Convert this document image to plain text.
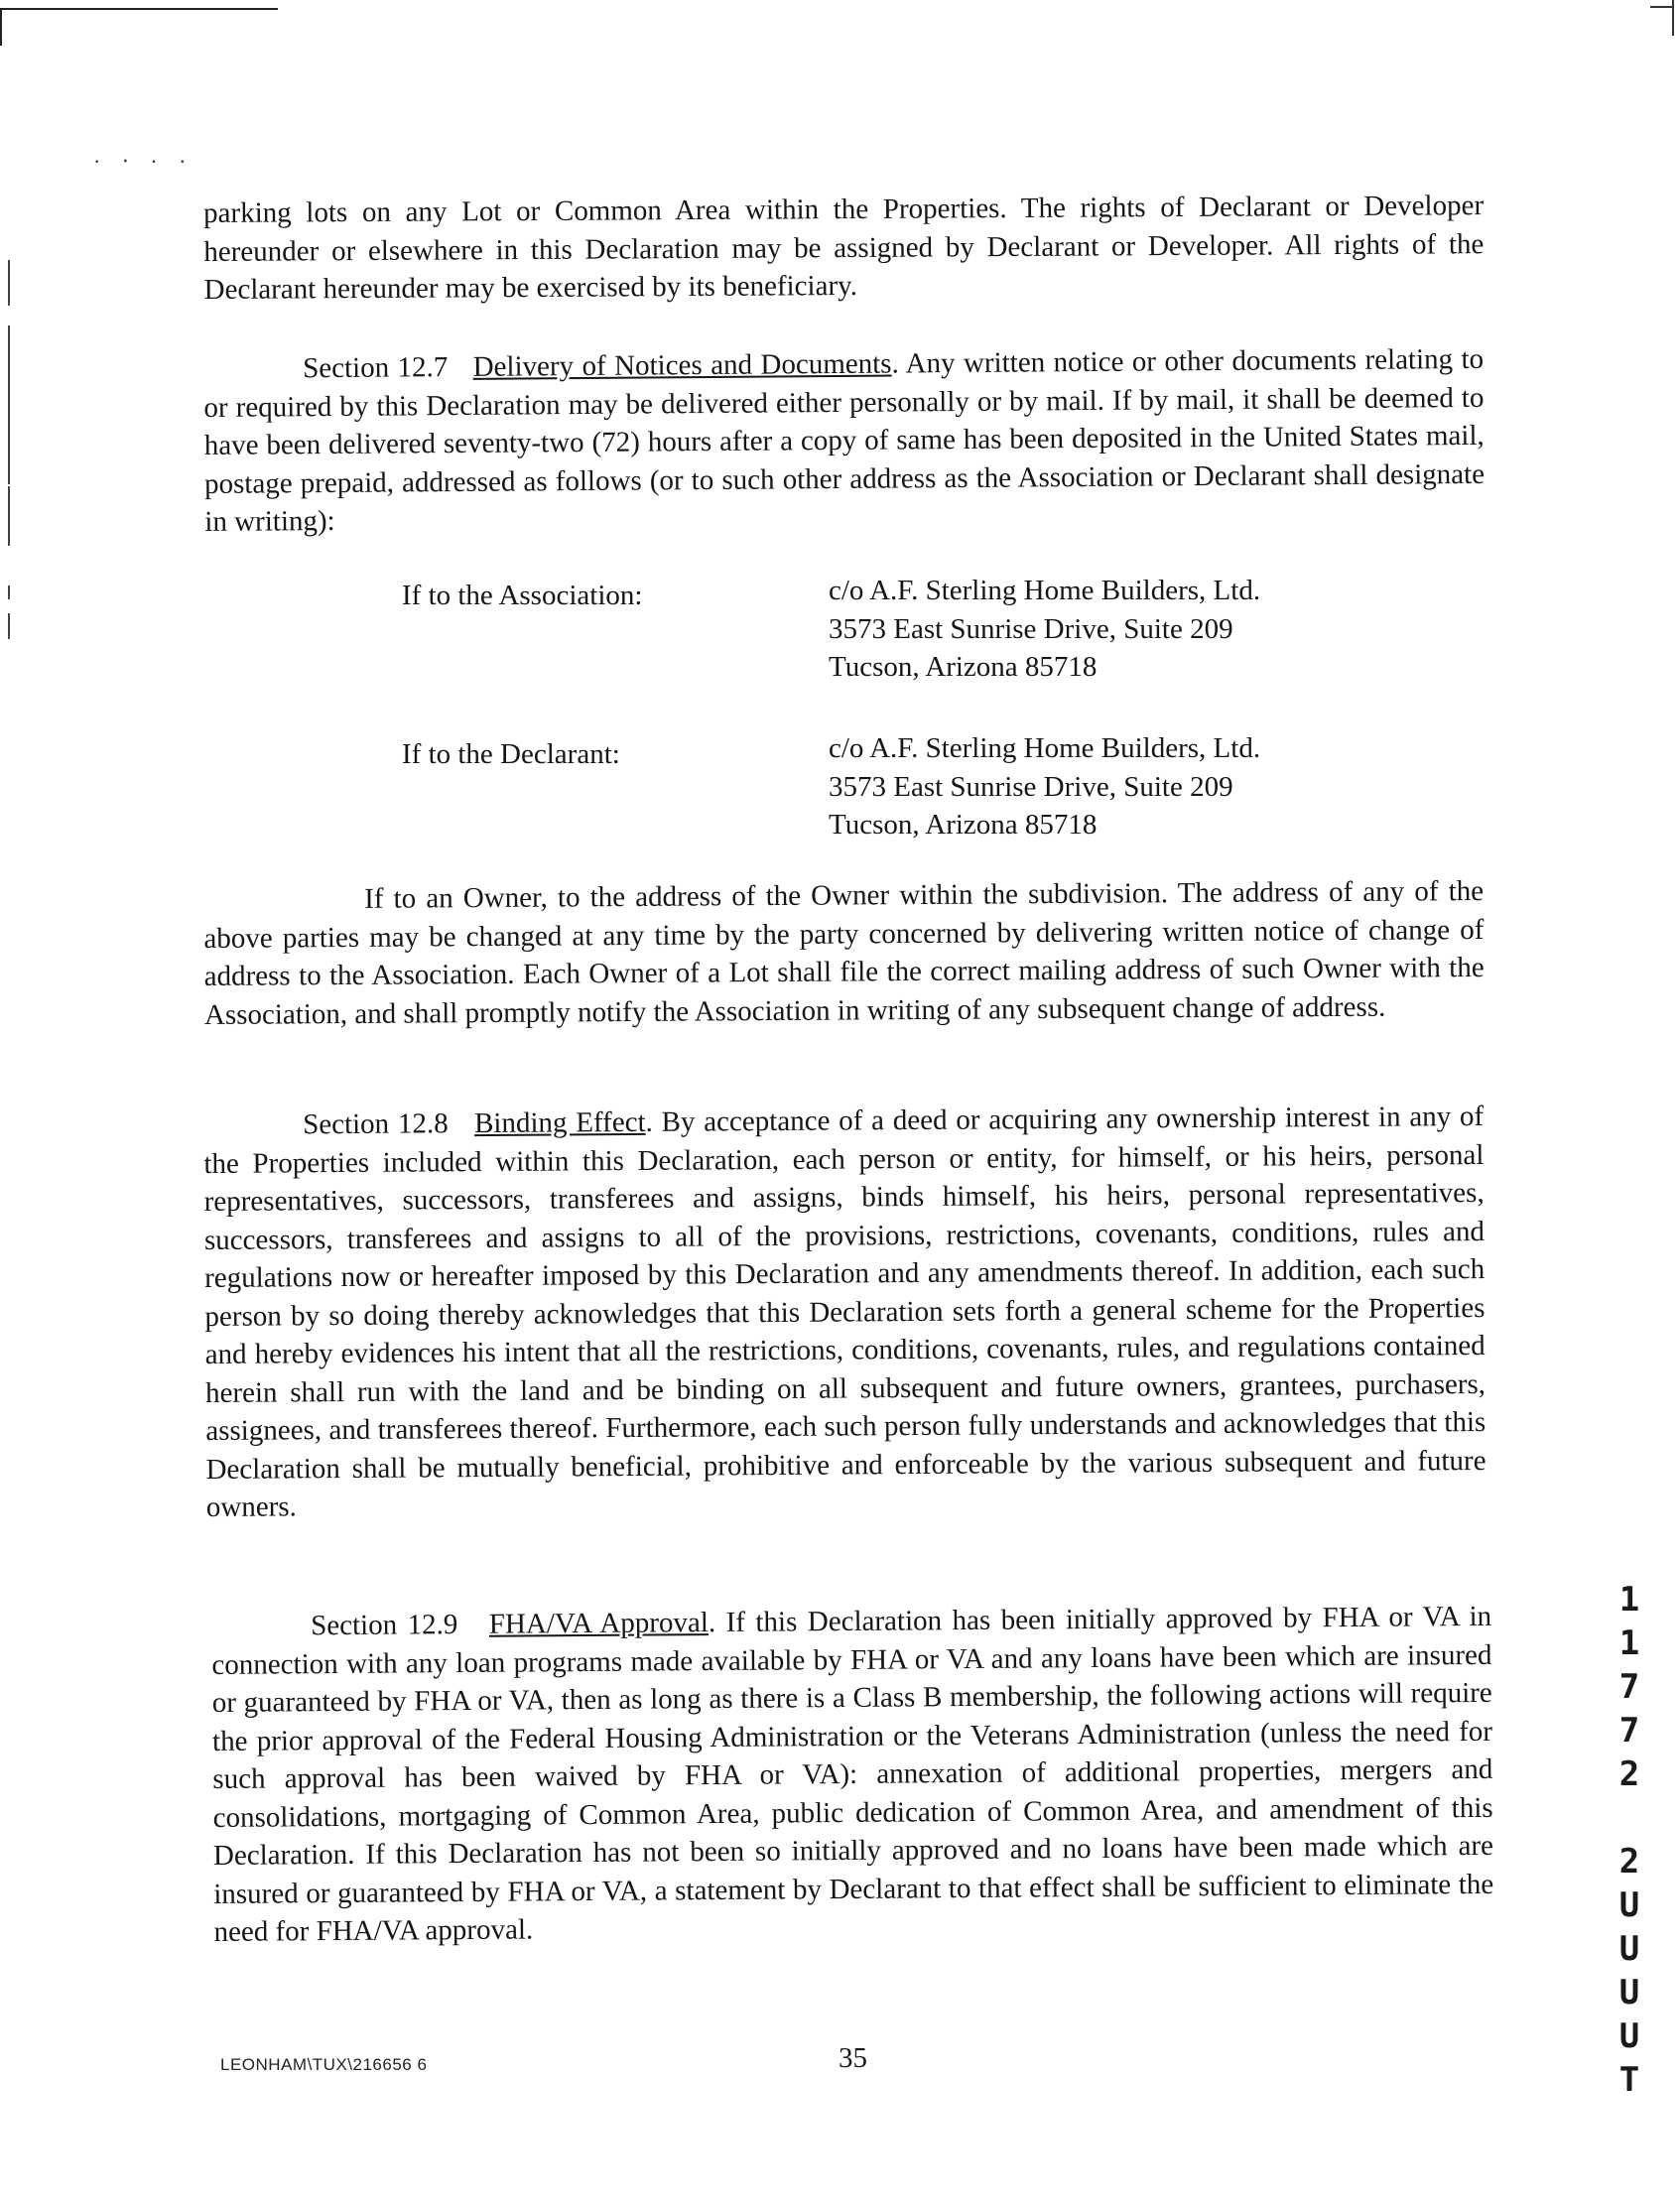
· ‧ · ·
parking lots on any Lot or Common Area within the Properties. The rights of Declarant or Developer hereunder or elsewhere in this Declaration may be assigned by Declarant or Developer. All rights of the Declarant hereunder may be exercised by its beneficiary.
Section 12.7 Delivery of Notices and Documents. Any written notice or other documents relating to or required by this Declaration may be delivered either personally or by mail. If by mail, it shall be deemed to have been delivered seventy-two (72) hours after a copy of same has been deposited in the United States mail, postage prepaid, addressed as follows (or to such other address as the Association or Declarant shall designate in writing):
If to the Association:	c/o A.F. Sterling Home Builders, Ltd.
3573 East Sunrise Drive, Suite 209
Tucson, Arizona 85718
If to the Declarant:	c/o A.F. Sterling Home Builders, Ltd.
3573 East Sunrise Drive, Suite 209
Tucson, Arizona 85718
If to an Owner, to the address of the Owner within the subdivision. The address of any of the above parties may be changed at any time by the party concerned by delivering written notice of change of address to the Association. Each Owner of a Lot shall file the correct mailing address of such Owner with the Association, and shall promptly notify the Association in writing of any subsequent change of address.
Section 12.8 Binding Effect. By acceptance of a deed or acquiring any ownership interest in any of the Properties included within this Declaration, each person or entity, for himself, or his heirs, personal representatives, successors, transferees and assigns, binds himself, his heirs, personal representatives, successors, transferees and assigns to all of the provisions, restrictions, covenants, conditions, rules and regulations now or hereafter imposed by this Declaration and any amendments thereof. In addition, each such person by so doing thereby acknowledges that this Declaration sets forth a general scheme for the Properties and hereby evidences his intent that all the restrictions, conditions, covenants, rules, and regulations contained herein shall run with the land and be binding on all subsequent and future owners, grantees, purchasers, assignees, and transferees thereof. Furthermore, each such person fully understands and acknowledges that this Declaration shall be mutually beneficial, prohibitive and enforceable by the various subsequent and future owners.
Section 12.9 FHA/VA Approval. If this Declaration has been initially approved by FHA or VA in connection with any loan programs made available by FHA or VA and any loans have been which are insured or guaranteed by FHA or VA, then as long as there is a Class B membership, the following actions will require the prior approval of the Federal Housing Administration or the Veterans Administration (unless the need for such approval has been waived by FHA or VA): annexation of additional properties, mergers and consolidations, mortgaging of Common Area, public dedication of Common Area, and amendment of this Declaration. If this Declaration has not been so initially approved and no loans have been made which are insured or guaranteed by FHA or VA, a statement by Declarant to that effect shall be sufficient to eliminate the need for FHA/VA approval.
LEONHAM\TUX\216656 6	35
1
1
7
7
2

2
U
U
U
U
T
